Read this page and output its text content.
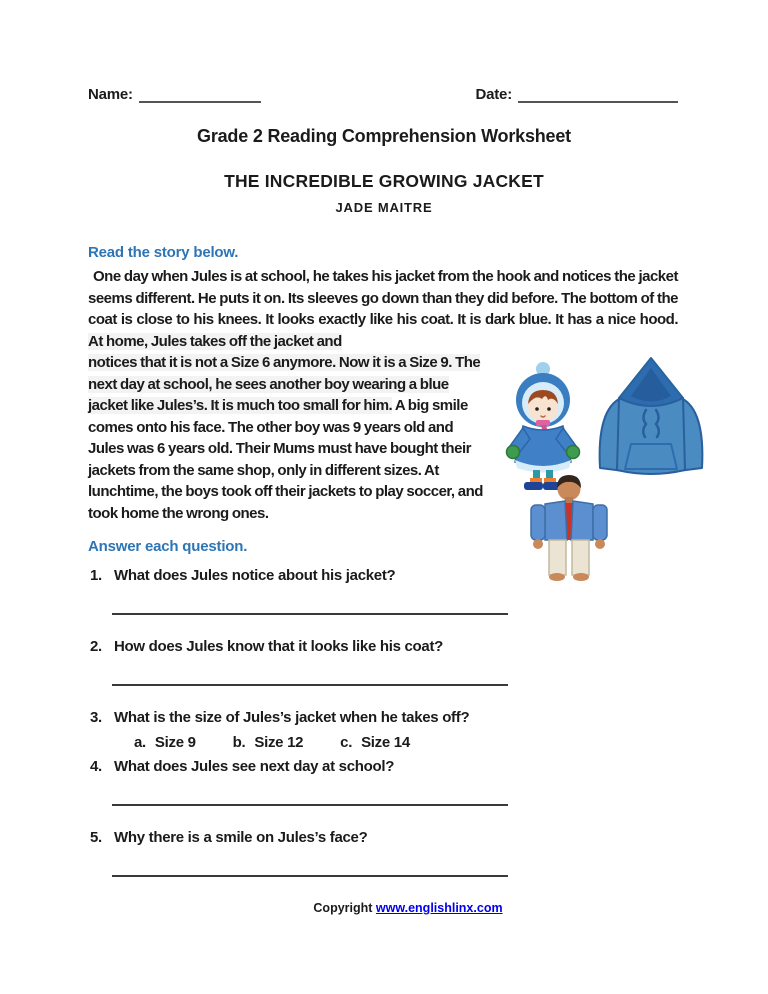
Name:	Date:
Grade 2 Reading Comprehension Worksheet
THE INCREDIBLE GROWING JACKET
JADE MAITRE
Read the story below.

One day when Jules is at school, he takes his jacket from the hook and notices the jacket seems different. He puts it on. Its sleeves go down than they did before. The bottom of the coat is close to his knees. It looks exactly like his coat. It is dark blue. It has a nice hood. At home, Jules takes off the jacket and

notices that it is not a Size 6 anymore. Now it is a Size 9. The next day at school, he sees another boy wearing a blue jacket like Jules’s. It is much too small for him. A big smile comes onto his face. The other boy was 9 years old and Jules was 6 years old. Their Mums must have bought their jackets from the same shop, only in different sizes. At lunchtime, the boys took off their jackets to play soccer, and took home the wrong ones.

Answer each question.
1. What does Jules notice about his jacket?
2. How does Jules know that it looks like his coat?
3. What is the size of Jules’s jacket when he takes off?
a. Size 9 b. Size 12 c. Size 14
4. What does Jules see next day at school?
5. Why there is a smile on Jules’s face?
Copyright www.englishlinx.com
